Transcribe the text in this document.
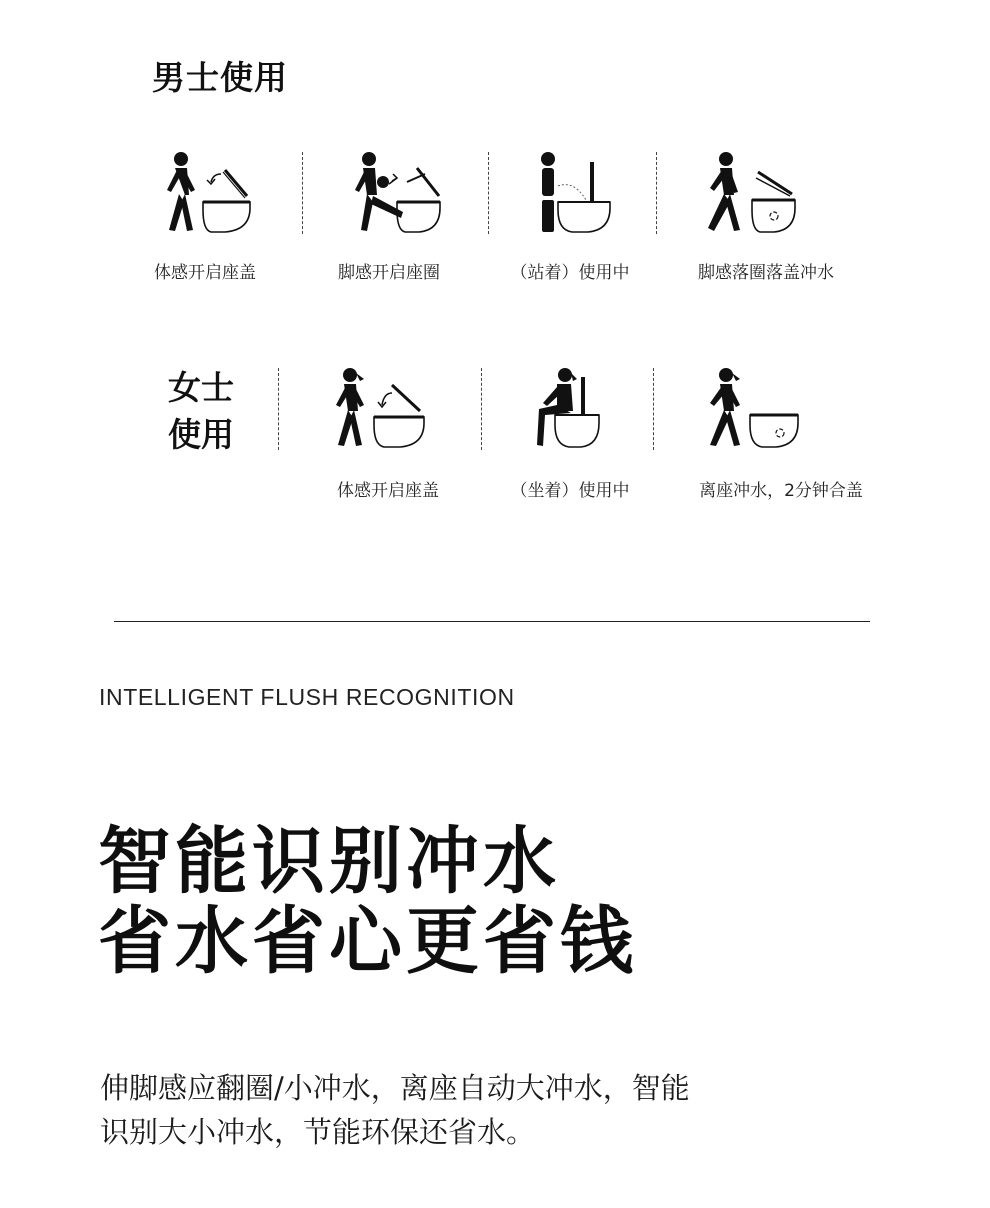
男士使用
体感开启座盖	脚感开启座圈	（站着）使用中	脚感落圈落盖冲水
女士
使用
体感开启座盖	（坐着）使用中	离座冲水，2分钟合盖
INTELLIGENT FLUSH RECOGNITION
智能识别冲水
省水省心更省钱
伸脚感应翻圈/小冲水，离座自动大冲水，智能
识别大小冲水，节能环保还省水。
